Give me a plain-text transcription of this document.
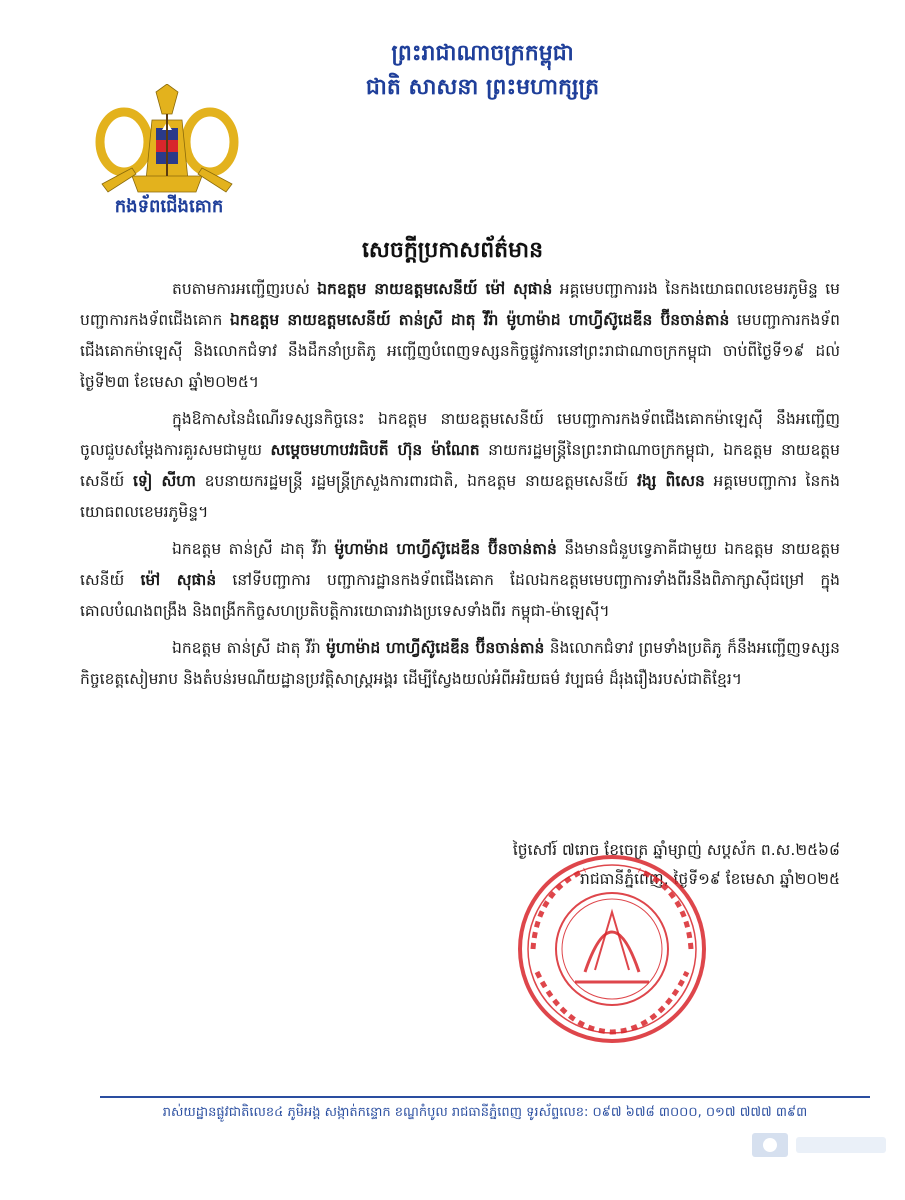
ព្រះរាជាណាចក្រកម្ពុជា
ជាតិ សាសនា ព្រះមហាក្សត្រ
កងទ័ពជើងគោក
សេចក្តីប្រកាសព័ត៌មាន

តបតាមការអញ្ជើញរបស់ ឯកឧត្តម នាយឧត្តមសេនីយ៍ ម៉ៅ សុផាន់ អគ្គមេបញ្ជាការរង នៃកងយោធពលខេមរភូមិន្ទ មេបញ្ជាការកងទ័ពជើងគោក ឯកឧត្តម នាយឧត្តមសេនីយ៍ តាន់ស្រី ដាតុ វីរ៉ា ម៉ូហាម៉ាដ ហាហ្វីស៊ូដេឌីន ប៊ីនចាន់តាន់ មេបញ្ជាការកងទ័ពជើងគោកម៉ាឡេស៊ី និងលោកជំទាវ នឹងដឹកនាំប្រតិភូ អញ្ជើញបំពេញទស្សនកិច្ចផ្លូវការនៅព្រះរាជាណាចក្រកម្ពុជា ចាប់ពីថ្ងៃទី១៩ ដល់ថ្ងៃទី២៣ ខែមេសា ឆ្នាំ២០២៥។

ក្នុងឱកាសនៃដំណើរទស្សនកិច្ចនេះ ឯកឧត្តម នាយឧត្តមសេនីយ៍ មេបញ្ជាការកងទ័ពជើងគោកម៉ាឡេស៊ី នឹងអញ្ជើញចូលជួបសម្តែងការគួរសមជាមួយ សម្តេចមហាបវរធិបតី ហ៊ុន ម៉ាណែត នាយករដ្ឋមន្ត្រីនៃព្រះរាជាណាចក្រកម្ពុជា, ឯកឧត្តម នាយឧត្តមសេនីយ៍ ទៀ សីហា ឧបនាយករដ្ឋមន្ត្រី រដ្ឋមន្ត្រីក្រសួងការពារជាតិ, ឯកឧត្តម នាយឧត្តមសេនីយ៍ វង្ស ពិសេន អគ្គមេបញ្ជាការ នៃកងយោធពលខេមរភូមិន្ទ។

ឯកឧត្តម តាន់ស្រី ដាតុ វីរ៉ា ម៉ូហាម៉ាដ ហាហ្វីស៊ូដេឌីន ប៊ីនចាន់តាន់ នឹងមានជំនួបទ្វេភាគីជាមួយ ឯកឧត្តម នាយឧត្តមសេនីយ៍ ម៉ៅ សុផាន់ នៅទីបញ្ជាការ បញ្ជាការដ្ឋានកងទ័ពជើងគោក ដែលឯកឧត្តមមេបញ្ជាការទាំងពីរនឹងពិភាក្សាស៊ីជម្រៅ ក្នុងគោលបំណងពង្រឹង និងពង្រីកកិច្ចសហប្រតិបត្តិការយោធារវាងប្រទេសទាំងពីរ កម្ពុជា-ម៉ាឡេស៊ី។

ឯកឧត្តម តាន់ស្រី ដាតុ វីរ៉ា ម៉ូហាម៉ាដ ហាហ្វីស៊ូដេឌីន ប៊ីនចាន់តាន់ និងលោកជំទាវ ព្រមទាំងប្រតិភូ ក៏នឹងអញ្ជើញទស្សនកិច្ចខេត្តសៀមរាប និងតំបន់រមណីយដ្ឋានប្រវត្តិសាស្ត្រអង្គរ ដើម្បីស្វែងយល់អំពីអរិយធម៌ វប្បធម៌ ដ៏រុងរឿងរបស់ជាតិខ្មែរ។

ថ្ងៃសៅរ៍ ៧រោច ខែចេត្រ ឆ្នាំម្សាញ់ សប្តស័ក ព.ស.២៥៦៨
រាជធានីភ្នំពេញ, ថ្ងៃទី១៩ ខែមេសា ឆ្នាំ២០២៥
រាស់យដ្ឋានផ្លូវជាតិលេខ៤ ភូមិអង្គ សង្កាត់កន្ទោក ខណ្ឌកំបូល រាជធានីភ្នំពេញ ទូរស័ព្ទលេខ: ០៩៧ ៦៧៨ ៣០០០, ០១៧ ៧៧៧ ៣៩៣
